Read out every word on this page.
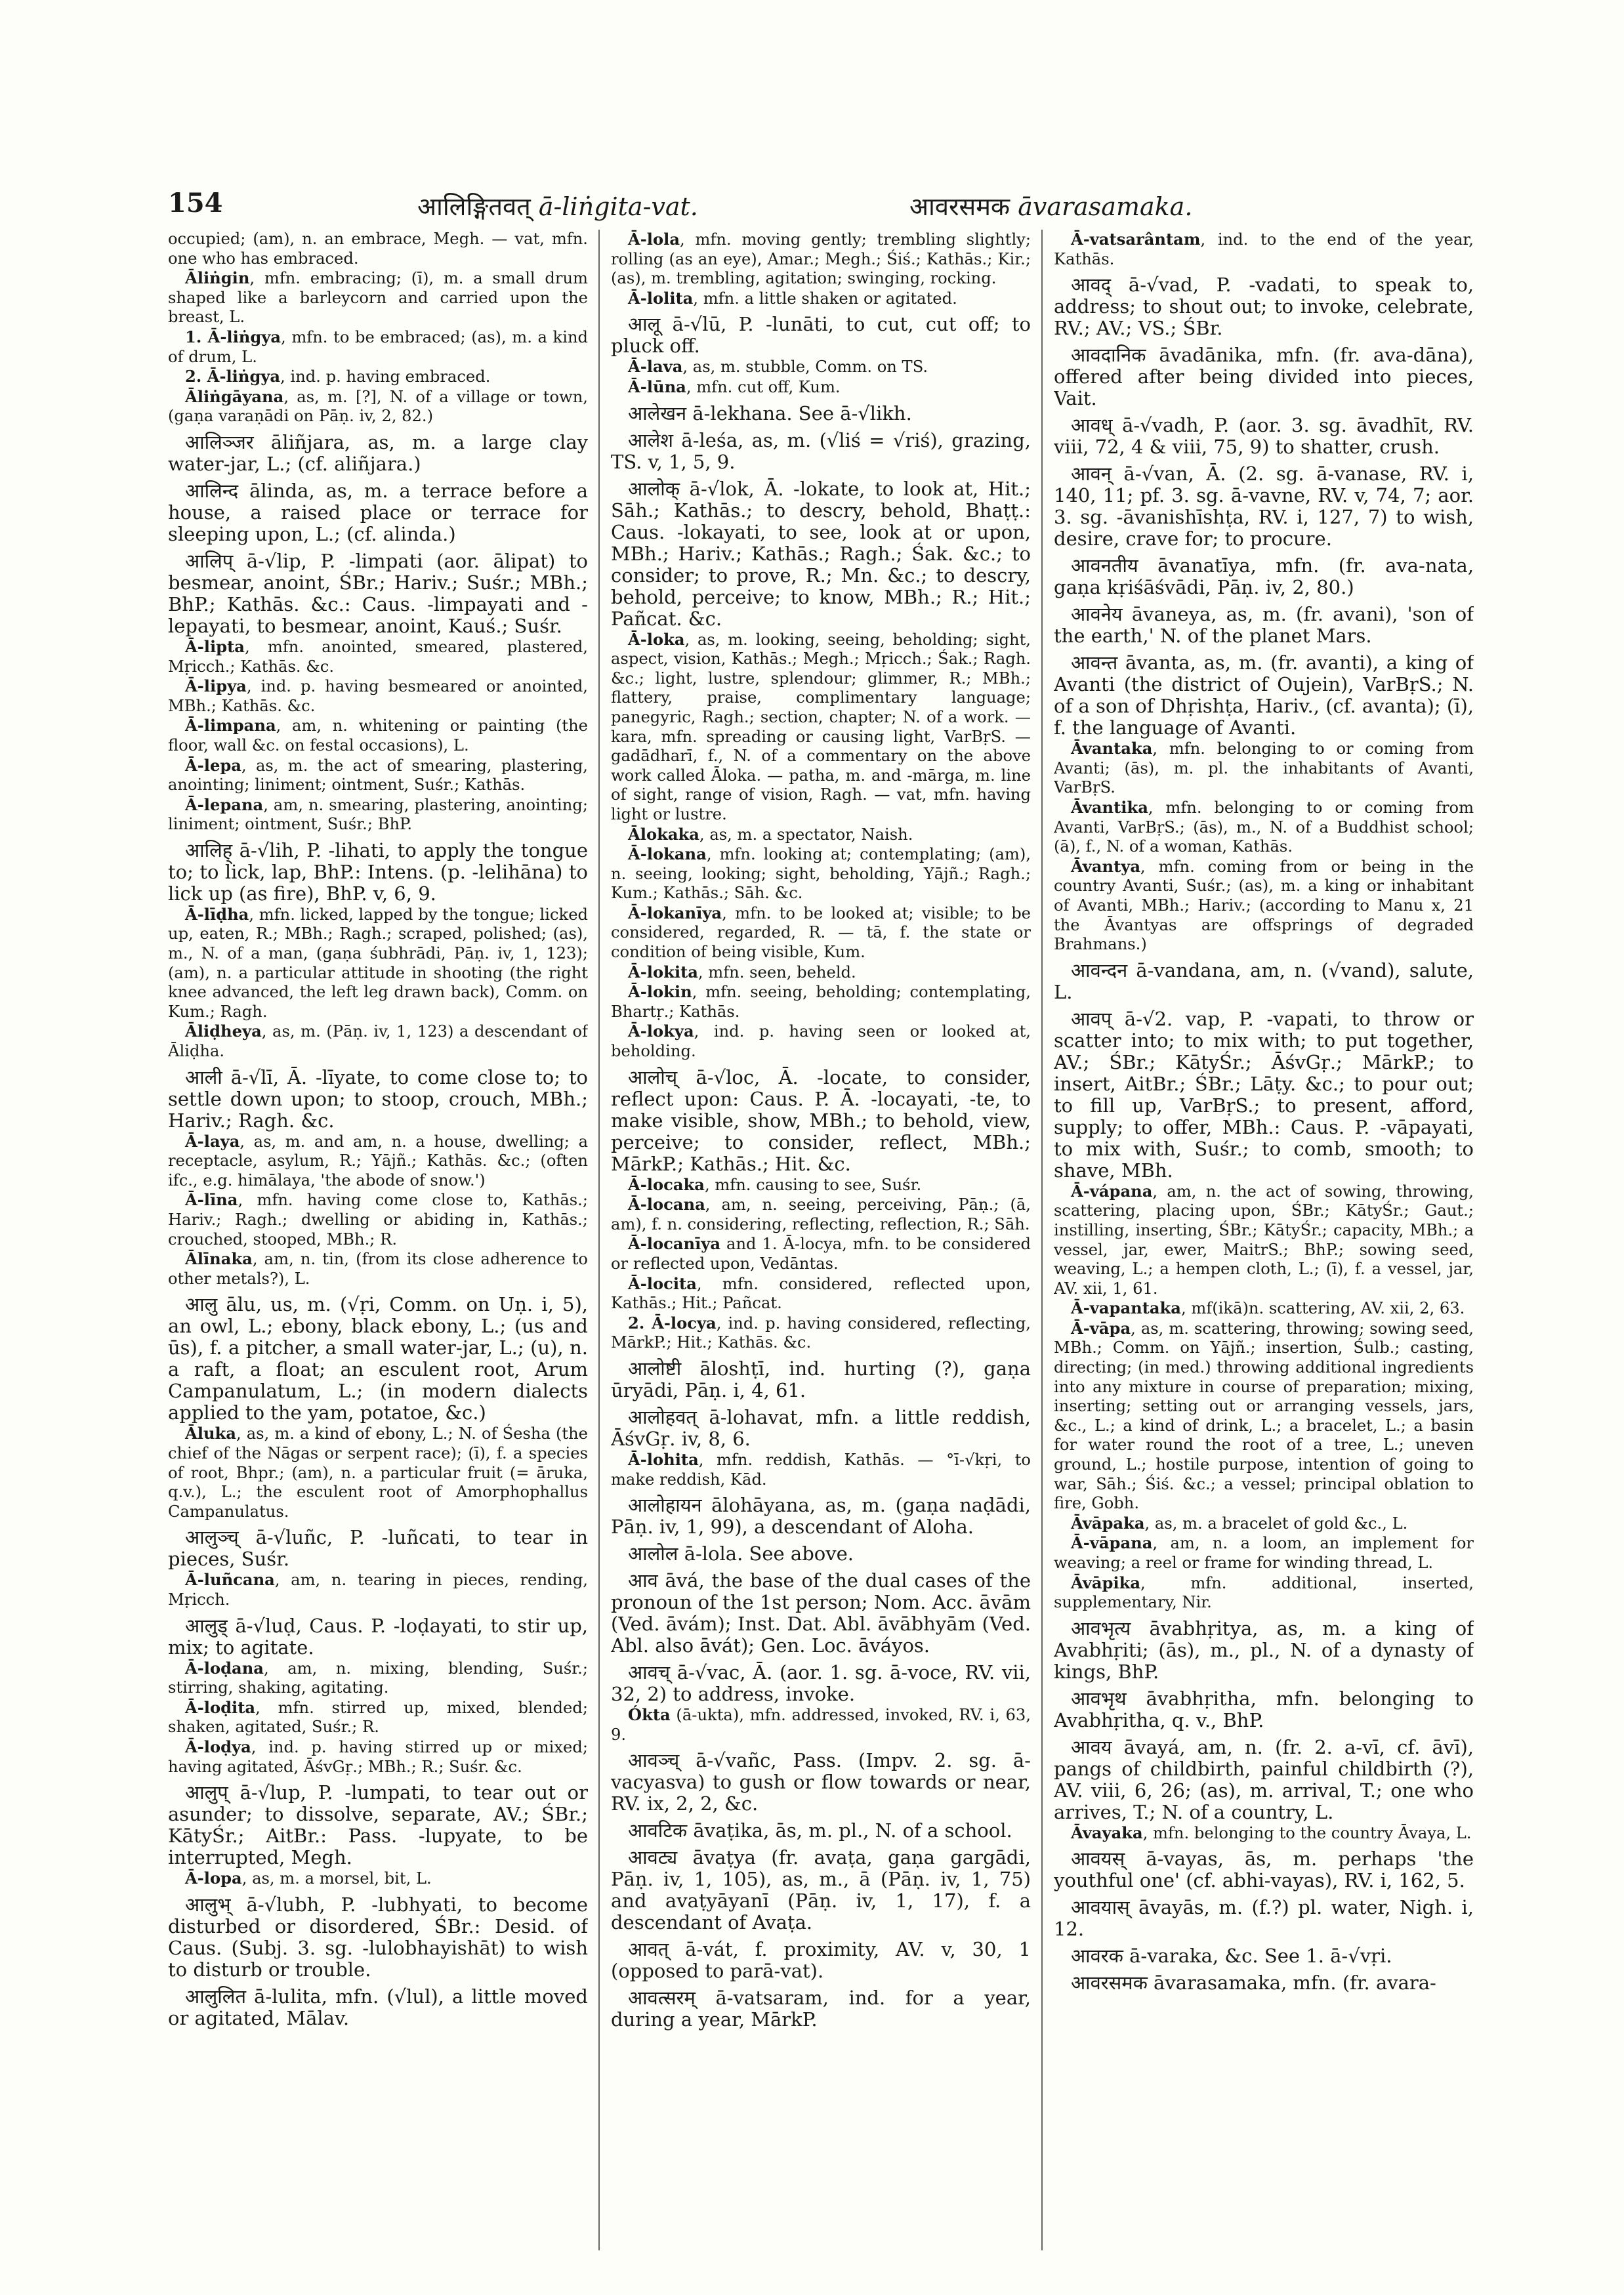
154	आलिङ्गितवत् ā-liṅgita-vat.	आवरसमक āvarasamaka.

occupied; (am), n. an embrace, Megh. — vat, mfn. one who has embraced.

Āliṅgin, mfn. embracing; (ī), m. a small drum shaped like a barleycorn and carried upon the breast, L.

1. Ā-liṅgya, mfn. to be embraced; (as), m. a kind of drum, L.

2. Ā-liṅgya, ind. p. having embraced.

Āliṅgāyana, as, m. [?], N. of a village or town, (gaṇa varaṇādi on Pāṇ. iv, 2, 82.)

आलिञ्जर āliñjara, as, m. a large clay water-jar, L.; (cf. aliñjara.)

आलिन्द ālinda, as, m. a terrace before a house, a raised place or terrace for sleeping upon, L.; (cf. alinda.)

आलिप् ā-√lip, P. -limpati (aor. ālipat) to besmear, anoint, ŚBr.; Hariv.; Suśr.; MBh.; BhP.; Kathās. &c.: Caus. -limpayati and -lepayati, to besmear, anoint, Kauś.; Suśr.

Ā-lipta, mfn. anointed, smeared, plastered, Mṛicch.; Kathās. &c.

Ā-lipya, ind. p. having besmeared or anointed, MBh.; Kathās. &c.

Ā-limpana, am, n. whitening or painting (the floor, wall &c. on festal occasions), L.

Ā-lepa, as, m. the act of smearing, plastering, anointing; liniment; ointment, Suśr.; Kathās.

Ā-lepana, am, n. smearing, plastering, anointing; liniment; ointment, Suśr.; BhP.

आलिह् ā-√lih, P. -lihati, to apply the tongue to; to lick, lap, BhP.: Intens. (p. -lelihāna) to lick up (as fire), BhP. v, 6, 9.

Ā-līḍha, mfn. licked, lapped by the tongue; licked up, eaten, R.; MBh.; Ragh.; scraped, polished; (as), m., N. of a man, (gaṇa śubhrādi, Pāṇ. iv, 1, 123); (am), n. a particular attitude in shooting (the right knee advanced, the left leg drawn back), Comm. on Kum.; Ragh.

Āliḍheya, as, m. (Pāṇ. iv, 1, 123) a descendant of Āliḍha.

आली ā-√lī, Ā. -līyate, to come close to; to settle down upon; to stoop, crouch, MBh.; Hariv.; Ragh. &c.

Ā-laya, as, m. and am, n. a house, dwelling; a receptacle, asylum, R.; Yājñ.; Kathās. &c.; (often ifc., e.g. himālaya, 'the abode of snow.')

Ā-līna, mfn. having come close to, Kathās.; Hariv.; Ragh.; dwelling or abiding in, Kathās.; crouched, stooped, MBh.; R.

Ālīnaka, am, n. tin, (from its close adherence to other metals?), L.

आलु ālu, us, m. (√ṛi, Comm. on Uṇ. i, 5), an owl, L.; ebony, black ebony, L.; (us and ūs), f. a pitcher, a small water-jar, L.; (u), n. a raft, a float; an esculent root, Arum Campanulatum, L.; (in modern dialects applied to the yam, potatoe, &c.)

Āluka, as, m. a kind of ebony, L.; N. of Śesha (the chief of the Nāgas or serpent race); (ī), f. a species of root, Bhpr.; (am), n. a particular fruit (= āruka, q.v.), L.; the esculent root of Amorphophallus Campanulatus.

आलुञ्च् ā-√luñc, P. -luñcati, to tear in pieces, Suśr.

Ā-luñcana, am, n. tearing in pieces, rending, Mṛicch.

आलुड् ā-√luḍ, Caus. P. -loḍayati, to stir up, mix; to agitate.

Ā-loḍana, am, n. mixing, blending, Suśr.; stirring, shaking, agitating.

Ā-loḍita, mfn. stirred up, mixed, blended; shaken, agitated, Suśr.; R.

Ā-loḍya, ind. p. having stirred up or mixed; having agitated, ĀśvGṛ.; MBh.; R.; Suśr. &c.

आलुप् ā-√lup, P. -lumpati, to tear out or asunder; to dissolve, separate, AV.; ŚBr.; KātyŚr.; AitBr.: Pass. -lupyate, to be interrupted, Megh.

Ā-lopa, as, m. a morsel, bit, L.

आलुभ् ā-√lubh, P. -lubhyati, to become disturbed or disordered, ŚBr.: Desid. of Caus. (Subj. 3. sg. -lulobhayishāt) to wish to disturb or trouble.

आलुलित ā-lulita, mfn. (√lul), a little moved or agitated, Mālav.

Ā-lola, mfn. moving gently; trembling slightly; rolling (as an eye), Amar.; Megh.; Śiś.; Kathās.; Kir.; (as), m. trembling, agitation; swinging, rocking.

Ā-lolita, mfn. a little shaken or agitated.

आलू ā-√lū, P. -lunāti, to cut, cut off; to pluck off.

Ā-lava, as, m. stubble, Comm. on TS.

Ā-lūna, mfn. cut off, Kum.

आलेखन ā-lekhana. See ā-√likh.

आलेश ā-leśa, as, m. (√liś = √riś), grazing, TS. v, 1, 5, 9.

आलोक् ā-√lok, Ā. -lokate, to look at, Hit.; Sāh.; Kathās.; to descry, behold, Bhaṭṭ.: Caus. -lokayati, to see, look at or upon, MBh.; Hariv.; Kathās.; Ragh.; Śak. &c.; to consider; to prove, R.; Mn. &c.; to descry, behold, perceive; to know, MBh.; R.; Hit.; Pañcat. &c.

Ā-loka, as, m. looking, seeing, beholding; sight, aspect, vision, Kathās.; Megh.; Mṛicch.; Śak.; Ragh. &c.; light, lustre, splendour; glimmer, R.; MBh.; flattery, praise, complimentary language; panegyric, Ragh.; section, chapter; N. of a work. — kara, mfn. spreading or causing light, VarBṛS. — gadādharī, f., N. of a commentary on the above work called Āloka. — patha, m. and -mārga, m. line of sight, range of vision, Ragh. — vat, mfn. having light or lustre.

Ālokaka, as, m. a spectator, Naish.

Ā-lokana, mfn. looking at; contemplating; (am), n. seeing, looking; sight, beholding, Yājñ.; Ragh.; Kum.; Kathās.; Sāh. &c.

Ā-lokanīya, mfn. to be looked at; visible; to be considered, regarded, R. — tā, f. the state or condition of being visible, Kum.

Ā-lokita, mfn. seen, beheld.

Ā-lokin, mfn. seeing, beholding; contemplating, Bhartṛ.; Kathās.

Ā-lokya, ind. p. having seen or looked at, beholding.

आलोच् ā-√loc, Ā. -locate, to consider, reflect upon: Caus. P. Ā. -locayati, -te, to make visible, show, MBh.; to behold, view, perceive; to consider, reflect, MBh.; MārkP.; Kathās.; Hit. &c.

Ā-locaka, mfn. causing to see, Suśr.

Ā-locana, am, n. seeing, perceiving, Pāṇ.; (ā, am), f. n. considering, reflecting, reflection, R.; Sāh.

Ā-locanīya and 1. Ā-locya, mfn. to be considered or reflected upon, Vedāntas.

Ā-locita, mfn. considered, reflected upon, Kathās.; Hit.; Pañcat.

2. Ā-locya, ind. p. having considered, reflecting, MārkP.; Hit.; Kathās. &c.

आलोष्टी āloshṭī, ind. hurting (?), gaṇa ūryādi, Pāṇ. i, 4, 61.

आलोहवत् ā-lohavat, mfn. a little reddish, ĀśvGṛ. iv, 8, 6.

Ā-lohita, mfn. reddish, Kathās. — °ī-√kṛi, to make reddish, Kād.

आलोहायन ālohāyana, as, m. (gaṇa naḍādi, Pāṇ. iv, 1, 99), a descendant of Aloha.

आलोल ā-lola. See above.

आव āvá, the base of the dual cases of the pronoun of the 1st person; Nom. Acc. āvām (Ved. āvám); Inst. Dat. Abl. āvābhyām (Ved. Abl. also āvát); Gen. Loc. āváyos.

आवच् ā-√vac, Ā. (aor. 1. sg. ā-voce, RV. vii, 32, 2) to address, invoke.

Ókta (ā-ukta), mfn. addressed, invoked, RV. i, 63, 9.

आवञ्च् ā-√vañc, Pass. (Impv. 2. sg. ā-vacyasva) to gush or flow towards or near, RV. ix, 2, 2, &c.

आवटिक āvaṭika, ās, m. pl., N. of a school.

आवट्य āvaṭya (fr. avaṭa, gaṇa gargādi, Pāṇ. iv, 1, 105), as, m., ā (Pāṇ. iv, 1, 75) and avaṭyāyanī (Pāṇ. iv, 1, 17), f. a descendant of Avaṭa.

आवत् ā-vát, f. proximity, AV. v, 30, 1 (opposed to parā-vat).

आवत्सरम् ā-vatsaram, ind. for a year, during a year, MārkP.

Ā-vatsarântam, ind. to the end of the year, Kathās.

आवद् ā-√vad, P. -vadati, to speak to, address; to shout out; to invoke, celebrate, RV.; AV.; VS.; ŚBr.

आवदानिक āvadānika, mfn. (fr. ava-dāna), offered after being divided into pieces, Vait.

आवध् ā-√vadh, P. (aor. 3. sg. āvadhīt, RV. viii, 72, 4 & viii, 75, 9) to shatter, crush.

आवन् ā-√van, Ā. (2. sg. ā-vanase, RV. i, 140, 11; pf. 3. sg. ā-vavne, RV. v, 74, 7; aor. 3. sg. -āvanishīshṭa, RV. i, 127, 7) to wish, desire, crave for; to procure.

आवनतीय āvanatīya, mfn. (fr. ava-nata, gaṇa kṛiśāśvādi, Pāṇ. iv, 2, 80.)

आवनेय āvaneya, as, m. (fr. avani), 'son of the earth,' N. of the planet Mars.

आवन्त āvanta, as, m. (fr. avanti), a king of Avanti (the district of Oujein), VarBṛS.; N. of a son of Dhṛishṭa, Hariv., (cf. avanta); (ī), f. the language of Avanti.

Āvantaka, mfn. belonging to or coming from Avanti; (ās), m. pl. the inhabitants of Avanti, VarBṛS.

Āvantika, mfn. belonging to or coming from Avanti, VarBṛS.; (ās), m., N. of a Buddhist school; (ā), f., N. of a woman, Kathās.

Āvantya, mfn. coming from or being in the country Avanti, Suśr.; (as), m. a king or inhabitant of Avanti, MBh.; Hariv.; (according to Manu x, 21 the Āvantyas are offsprings of degraded Brahmans.)

आवन्दन ā-vandana, am, n. (√vand), salute, L.

आवप् ā-√2. vap, P. -vapati, to throw or scatter into; to mix with; to put together, AV.; ŚBr.; KātyŚr.; ĀśvGṛ.; MārkP.; to insert, AitBr.; ŚBr.; Lāṭy. &c.; to pour out; to fill up, VarBṛS.; to present, afford, supply; to offer, MBh.: Caus. P. -vāpayati, to mix with, Suśr.; to comb, smooth; to shave, MBh.

Ā-vápana, am, n. the act of sowing, throwing, scattering, placing upon, ŚBr.; KātyŚr.; Gaut.; instilling, inserting, ŚBr.; KātyŚr.; capacity, MBh.; a vessel, jar, ewer, MaitrS.; BhP.; sowing seed, weaving, L.; a hempen cloth, L.; (ī), f. a vessel, jar, AV. xii, 1, 61.

Ā-vapantaka, mf(ikā)n. scattering, AV. xii, 2, 63.

Ā-vāpa, as, m. scattering, throwing; sowing seed, MBh.; Comm. on Yājñ.; insertion, Śulb.; casting, directing; (in med.) throwing additional ingredients into any mixture in course of preparation; mixing, inserting; setting out or arranging vessels, jars, &c., L.; a kind of drink, L.; a bracelet, L.; a basin for water round the root of a tree, L.; uneven ground, L.; hostile purpose, intention of going to war, Sāh.; Śiś. &c.; a vessel; principal oblation to fire, Gobh.

Āvāpaka, as, m. a bracelet of gold &c., L.

Ā-vāpana, am, n. a loom, an implement for weaving; a reel or frame for winding thread, L.

Āvāpika, mfn. additional, inserted, supplementary, Nir.

आवभृत्य āvabhṛitya, as, m. a king of Avabhṛiti; (ās), m., pl., N. of a dynasty of kings, BhP.

आवभृथ āvabhṛitha, mfn. belonging to Avabhṛitha, q. v., BhP.

आवय āvayá, am, n. (fr. 2. a-vī, cf. āvī), pangs of childbirth, painful childbirth (?), AV. viii, 6, 26; (as), m. arrival, T.; one who arrives, T.; N. of a country, L.

Āvayaka, mfn. belonging to the country Āvaya, L.

आवयस् ā-vayas, ās, m. perhaps 'the youthful one' (cf. abhi-vayas), RV. i, 162, 5.

आवयास् āvayās, m. (f.?) pl. water, Nigh. i, 12.

आवरक ā-varaka, &c. See 1. ā-√vṛi.

आवरसमक āvarasamaka, mfn. (fr. avara-
